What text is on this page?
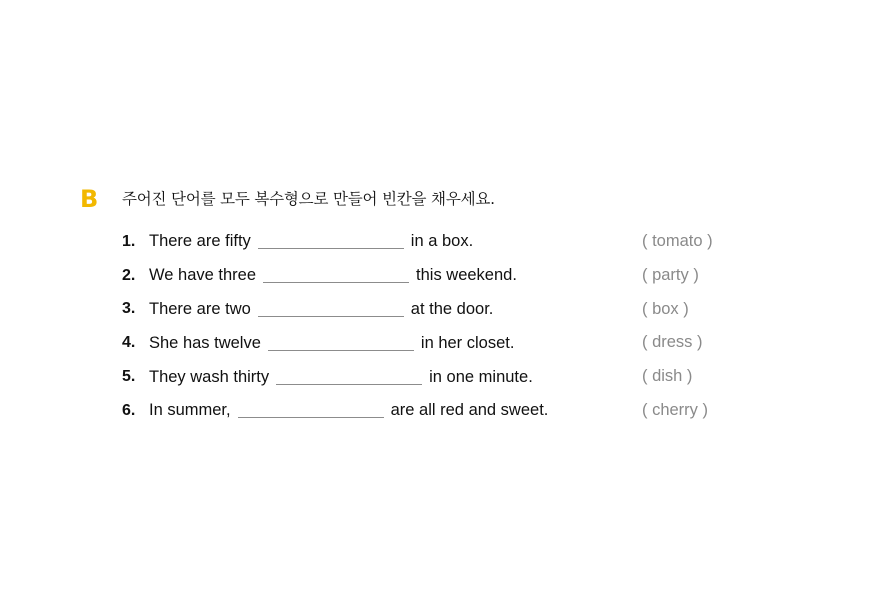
B	주어진 단어를 모두 복수형으로 만들어 빈칸을 채우세요.
1. There are fifty	in a box.	( tomato )
2. We have three	this weekend.	( party )
3. There are two	at the door.	( box )
4. She has twelve	in her closet.	( dress )
5. They wash thirty	in one minute.	( dish )
6. In summer,	are all red and sweet.	( cherry )
